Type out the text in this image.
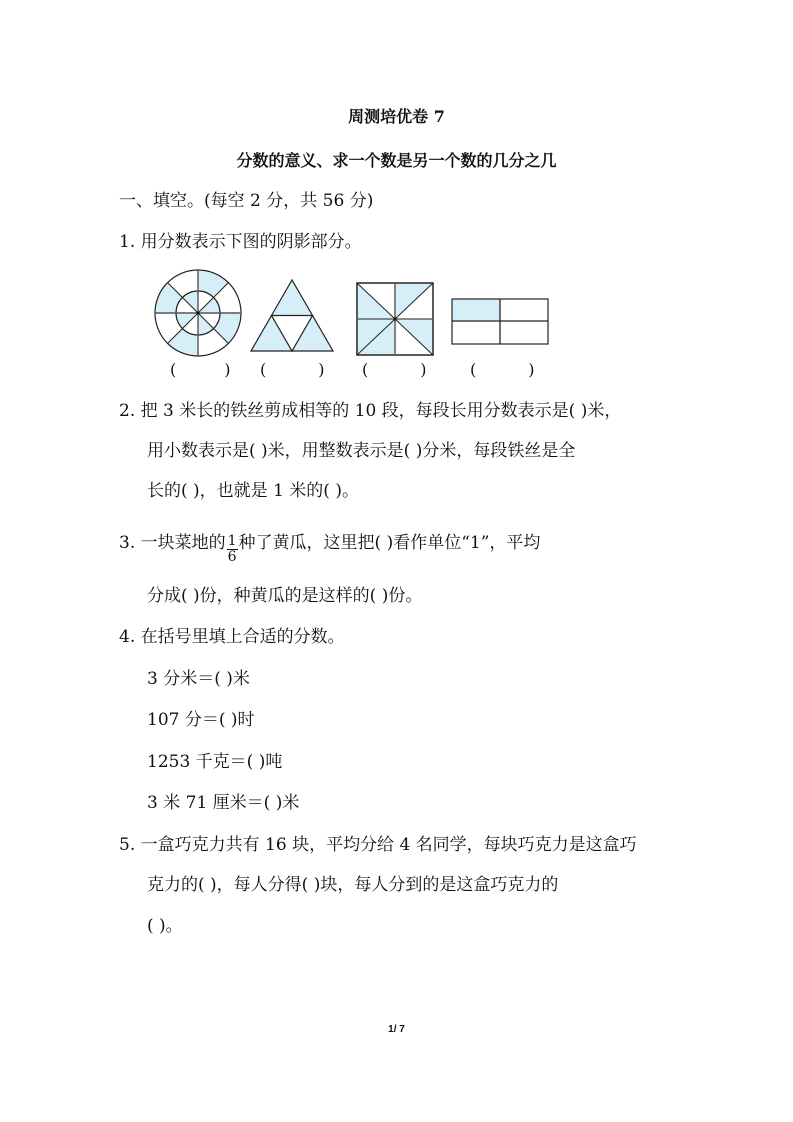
周测培优卷 7
分数的意义、求一个数是另一个数的几分之几
一、填空。(每空 2 分，共 56 分)
1. 用分数表示下图的阴影部分。
(	) (	) (	)	(	)
2. 把 3 米长的铁丝剪成相等的 10 段，每段长用分数表示是( )米，
用小数表示是( )米，用整数表示是( )分米，每段铁丝是全
长的( )，也就是 1 米的( )。
3. 一块菜地的 $\frac{1}{6}$ 种了黄瓜，这里把( )看作单位“1”，平均
分成( )份，种黄瓜的是这样的( )份。
4. 在括号里填上合适的分数。
3 分米＝( )米
107 分＝( )时
1253 千克＝( )吨
3 米 71 厘米＝( )米
5. 一盒巧克力共有 16 块，平均分给 4 名同学，每块巧克力是这盒巧
克力的( )，每人分得( )块，每人分到的是这盒巧克力的
( )。
1/ 7
